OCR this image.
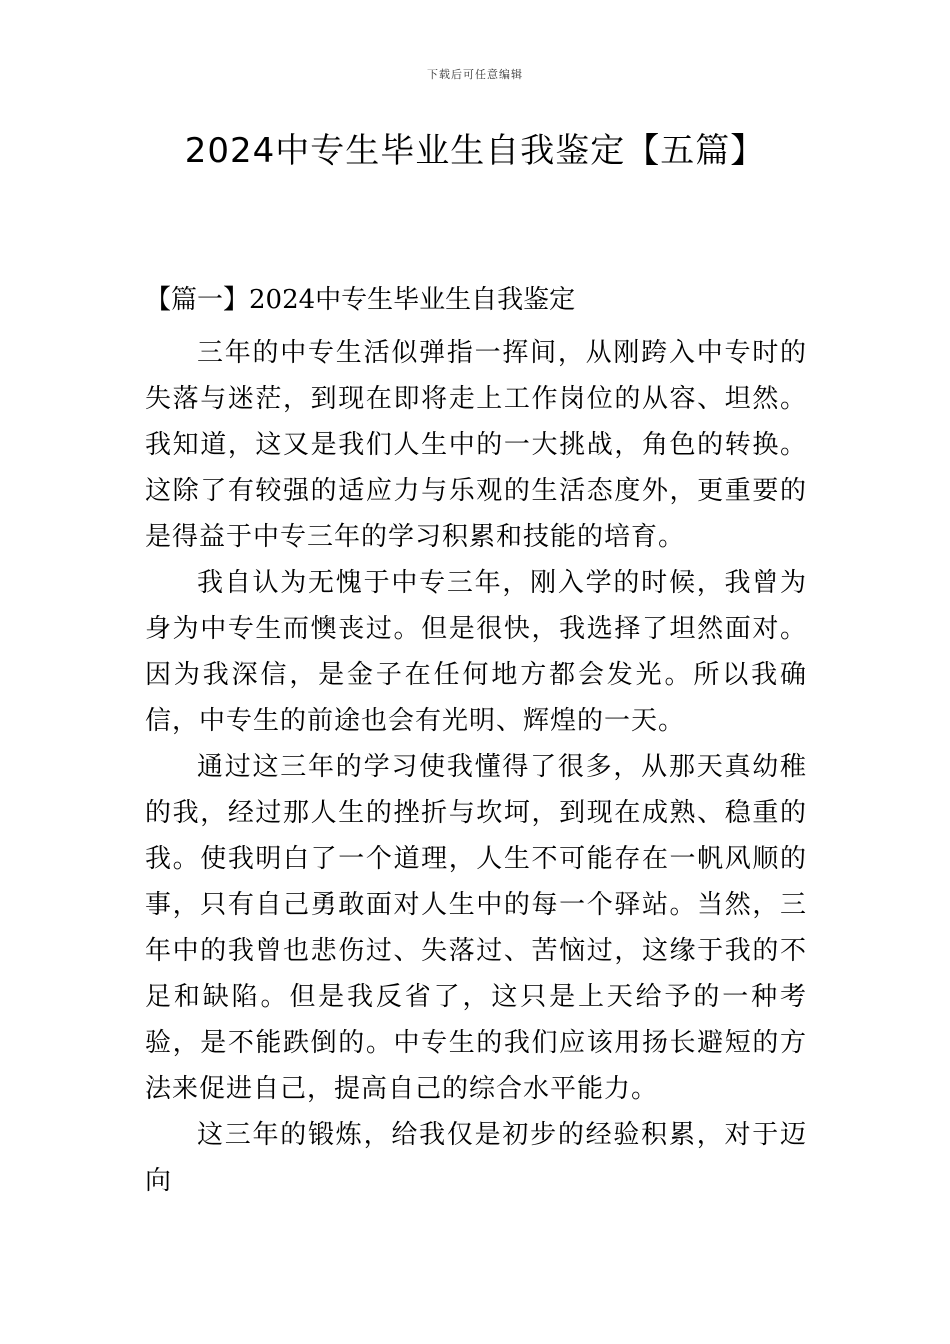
下载后可任意编辑
2024中专生毕业生自我鉴定【五篇】
【篇一】2024中专生毕业生自我鉴定

三年的中专生活似弹指一挥间，从刚跨入中专时的失落与迷茫，到现在即将走上工作岗位的从容、坦然。我知道，这又是我们人生中的一大挑战，角色的转换。这除了有较强的适应力与乐观的生活态度外，更重要的是得益于中专三年的学习积累和技能的培育。

我自认为无愧于中专三年，刚入学的时候，我曾为身为中专生而懊丧过。但是很快，我选择了坦然面对。因为我深信，是金子在任何地方都会发光。所以我确信，中专生的前途也会有光明、辉煌的一天。

通过这三年的学习使我懂得了很多，从那天真幼稚的我，经过那人生的挫折与坎坷，到现在成熟、稳重的我。使我明白了一个道理，人生不可能存在一帆风顺的事，只有自己勇敢面对人生中的每一个驿站。当然，三年中的我曾也悲伤过、失落过、苦恼过，这缘于我的不足和缺陷。但是我反省了，这只是上天给予的一种考验，是不能跌倒的。中专生的我们应该用扬长避短的方法来促进自己，提高自己的综合水平能力。

这三年的锻炼，给我仅是初步的经验积累，对于迈向
